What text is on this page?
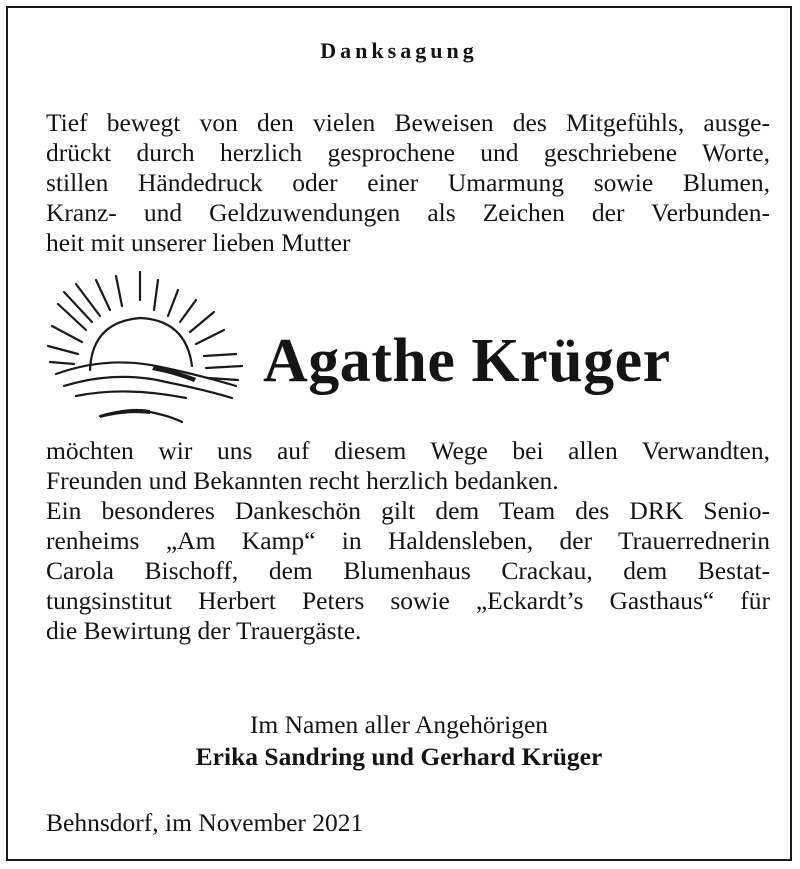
Danksagung
Tief bewegt von den vielen Beweisen des Mitgefühls, ausge-
drückt durch herzlich gesprochene und geschriebene Worte,
stillen Händedruck oder einer Umarmung sowie Blumen,
Kranz- und Geldzuwendungen als Zeichen der Verbunden-
heit mit unserer lieben Mutter
Agathe Krüger
möchten wir uns auf diesem Wege bei allen Verwandten,
Freunden und Bekannten recht herzlich bedanken.
Ein besonderes Dankeschön gilt dem Team des DRK Senio-
renheims „Am Kamp“ in Haldensleben, der Trauerrednerin
Carola Bischoff, dem Blumenhaus Crackau, dem Bestat-
tungsinstitut Herbert Peters sowie „Eckardt’s Gasthaus“ für
die Bewirtung der Trauergäste.
Im Namen aller Angehörigen
Erika Sandring und Gerhard Krüger
Behnsdorf, im November 2021
